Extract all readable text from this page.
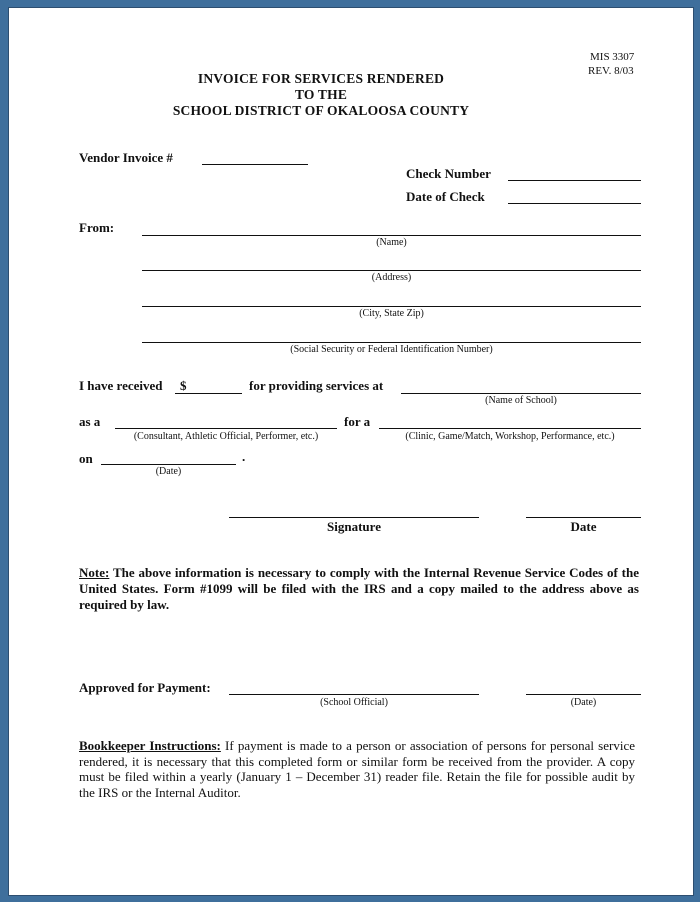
MIS 3307
REV. 8/03
INVOICE FOR SERVICES RENDERED
TO THE
SCHOOL DISTRICT OF OKALOOSA COUNTY
Vendor Invoice #
Check Number
Date of Check
From:
(Name)
(Address)
(City, State Zip)
(Social Security or Federal Identification Number)
I have received $	for providing services at
(Name of School)
as a
(Consultant, Athletic Official, Performer, etc.)
for a
(Clinic, Game/Match, Workshop, Performance, etc.)
on	.
(Date)
Signature	Date
Note: The above information is necessary to comply with the Internal Revenue Service Codes of the United States. Form #1099 will be filed with the IRS and a copy mailed to the address above as required by law.
Approved for Payment:
(School Official)	(Date)
Bookkeeper Instructions: If payment is made to a person or association of persons for personal service rendered, it is necessary that this completed form or similar form be received from the provider. A copy must be filed within a yearly (January 1 – December 31) reader file. Retain the file for possible audit by the IRS or the Internal Auditor.
